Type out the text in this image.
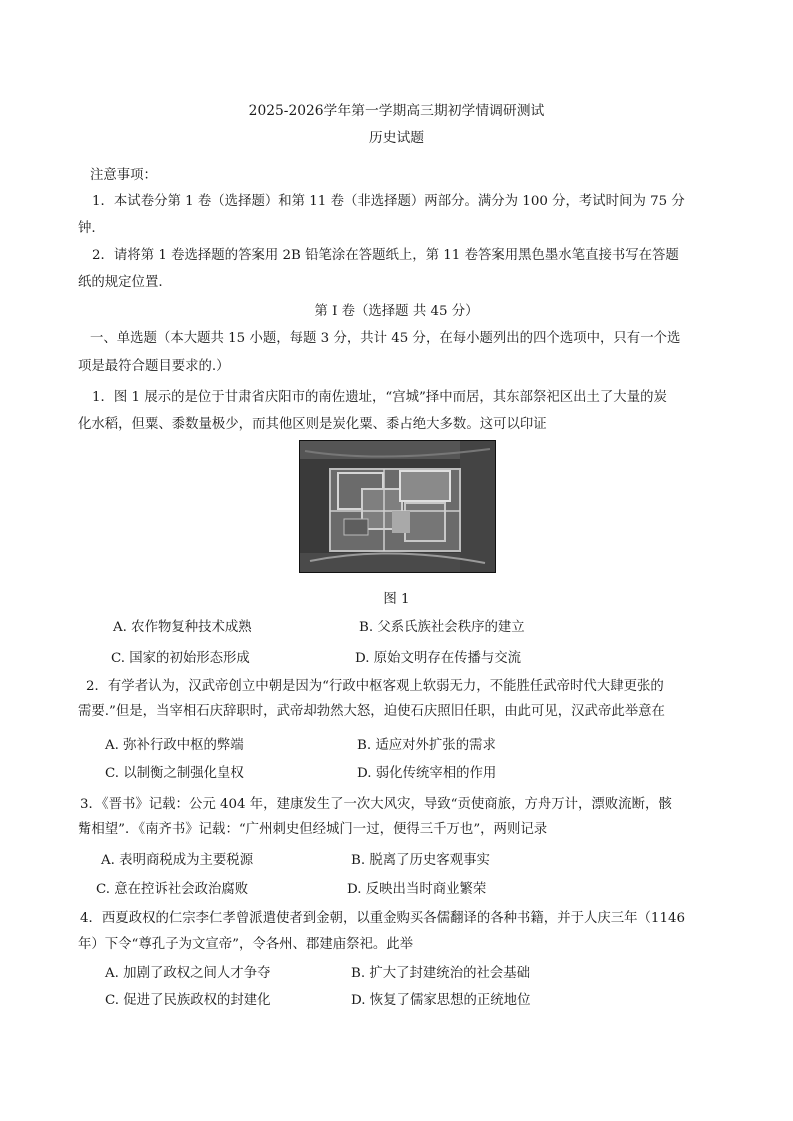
2025-2026学年第一学期高三期初学情调研测试
历史试题
注意事项：
1．本试卷分第 1 卷（选择题）和第 11 卷（非选择题）两部分。满分为 100 分，考试时间为 75 分
钟.
2．请将第 1 卷选择题的答案用 2B 铅笔涂在答题纸上，第 11 卷答案用黑色墨水笔直接书写在答题
纸的规定位置.
第 I 卷（选择题 共 45 分）
一、单选题（本大题共 15 小题，每题 3 分，共计 45 分，在每小题列出的四个选项中，只有一个选
项是最符合题目要求的.）
1．图 1 展示的是位于甘肃省庆阳市的南佐遗址，“宫城”择中而居，其东部祭祀区出土了大量的炭
化水稻，但粟、黍数量极少，而其他区则是炭化粟、黍占绝大多数。这可以印证
图 1
A. 农作物复种技术成熟	B. 父系氏族社会秩序的建立
C. 国家的初始形态形成	D. 原始文明存在传播与交流
2．有学者认为，汉武帝创立中朝是因为“行政中枢客观上软弱无力，不能胜任武帝时代大肆更张的
需要.”但是，当宰相石庆辞职时，武帝却勃然大怒，迫使石庆照旧任职，由此可见，汉武帝此举意在
A. 弥补行政中枢的弊端	B. 适应对外扩张的需求
C. 以制衡之制强化皇权	D. 弱化传统宰相的作用
3．《晋书》记载：公元 404 年，建康发生了一次大风灾，导致“贡使商旅，方舟万计，漂败流断，骸
觜相望”．《南齐书》记载：“广州刺史但经城门一过，便得三千万也”，两则记录
A. 表明商税成为主要税源	B. 脱离了历史客观事实
C. 意在控诉社会政治腐败	D. 反映出当时商业繁荣
4．西夏政权的仁宗李仁孝曾派遣使者到金朝，以重金购买各儒翻译的各种书籍，并于人庆三年（1146
年）下令“尊孔子为文宣帝”，令各州、郡建庙祭祀。此举
A. 加剧了政权之间人才争夺	B. 扩大了封建统治的社会基础
C. 促进了民族政权的封建化	D. 恢复了儒家思想的正统地位
